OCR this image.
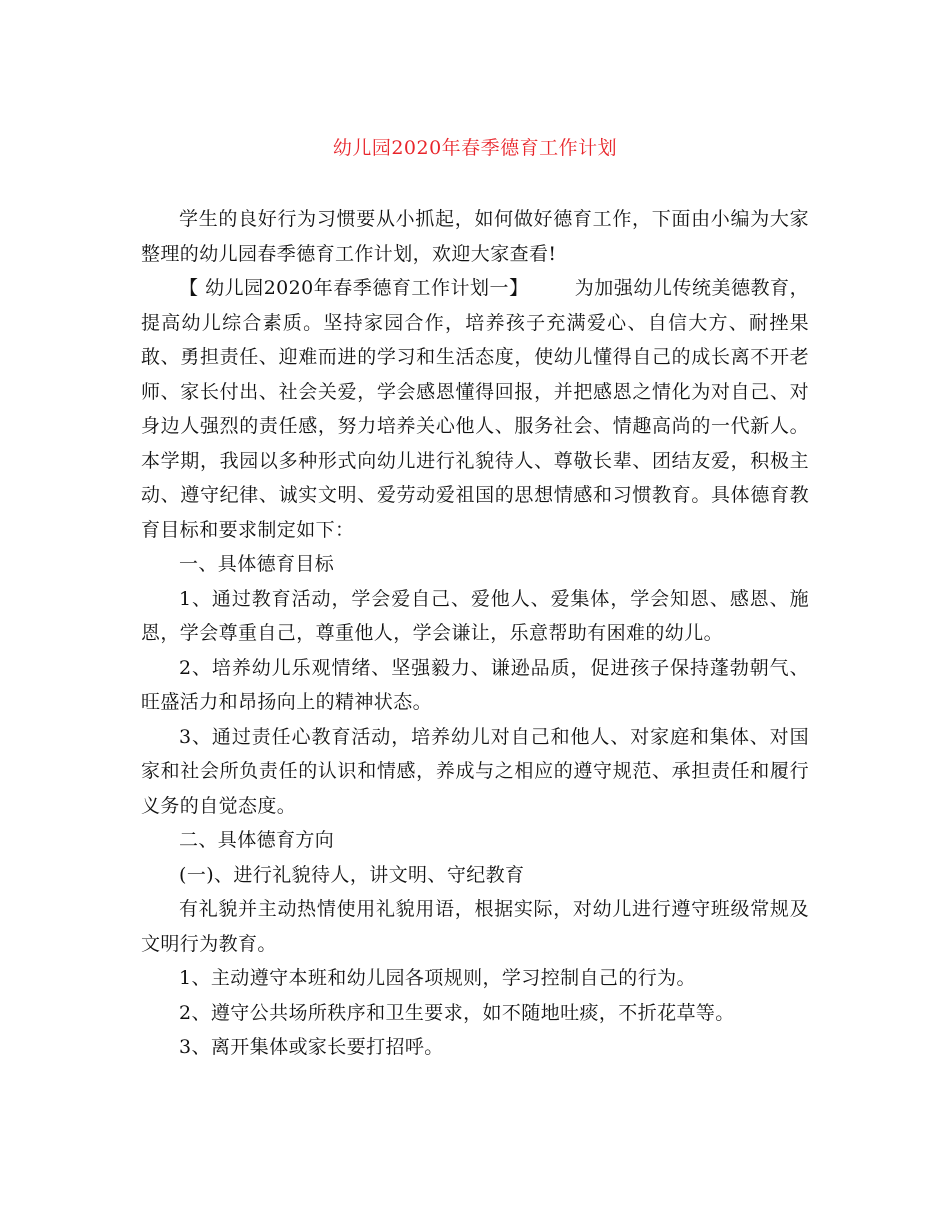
幼儿园2020年春季德育工作计划

学生的良好行为习惯要从小抓起，如何做好德育工作，下面由小编为大家整理的幼儿园春季德育工作计划，欢迎大家查看!

【 幼儿园2020年春季德育工作计划一】 为加强幼儿传统美德教育，提高幼儿综合素质。坚持家园合作，培养孩子充满爱心、自信大方、耐挫果敢、勇担责任、迎难而进的学习和生活态度，使幼儿懂得自己的成长离不开老师、家长付出、社会关爱，学会感恩懂得回报，并把感恩之情化为对自己、对身边人强烈的责任感，努力培养关心他人、服务社会、情趣高尚的一代新人。本学期，我园以多种形式向幼儿进行礼貌待人、尊敬长辈、团结友爱，积极主动、遵守纪律、诚实文明、爱劳动爱祖国的思想情感和习惯教育。具体德育教育目标和要求制定如下：

一、具体德育目标

1、通过教育活动，学会爱自己、爱他人、爱集体，学会知恩、感恩、施恩，学会尊重自己，尊重他人，学会谦让，乐意帮助有困难的幼儿。

2、培养幼儿乐观情绪、坚强毅力、谦逊品质，促进孩子保持蓬勃朝气、旺盛活力和昂扬向上的精神状态。

3、通过责任心教育活动，培养幼儿对自己和他人、对家庭和集体、对国家和社会所负责任的认识和情感，养成与之相应的遵守规范、承担责任和履行义务的自觉态度。

二、具体德育方向

(一)、进行礼貌待人，讲文明、守纪教育

有礼貌并主动热情使用礼貌用语，根据实际，对幼儿进行遵守班级常规及文明行为教育。

1、主动遵守本班和幼儿园各项规则，学习控制自己的行为。

2、遵守公共场所秩序和卫生要求，如不随地吐痰，不折花草等。

3、离开集体或家长要打招呼。
